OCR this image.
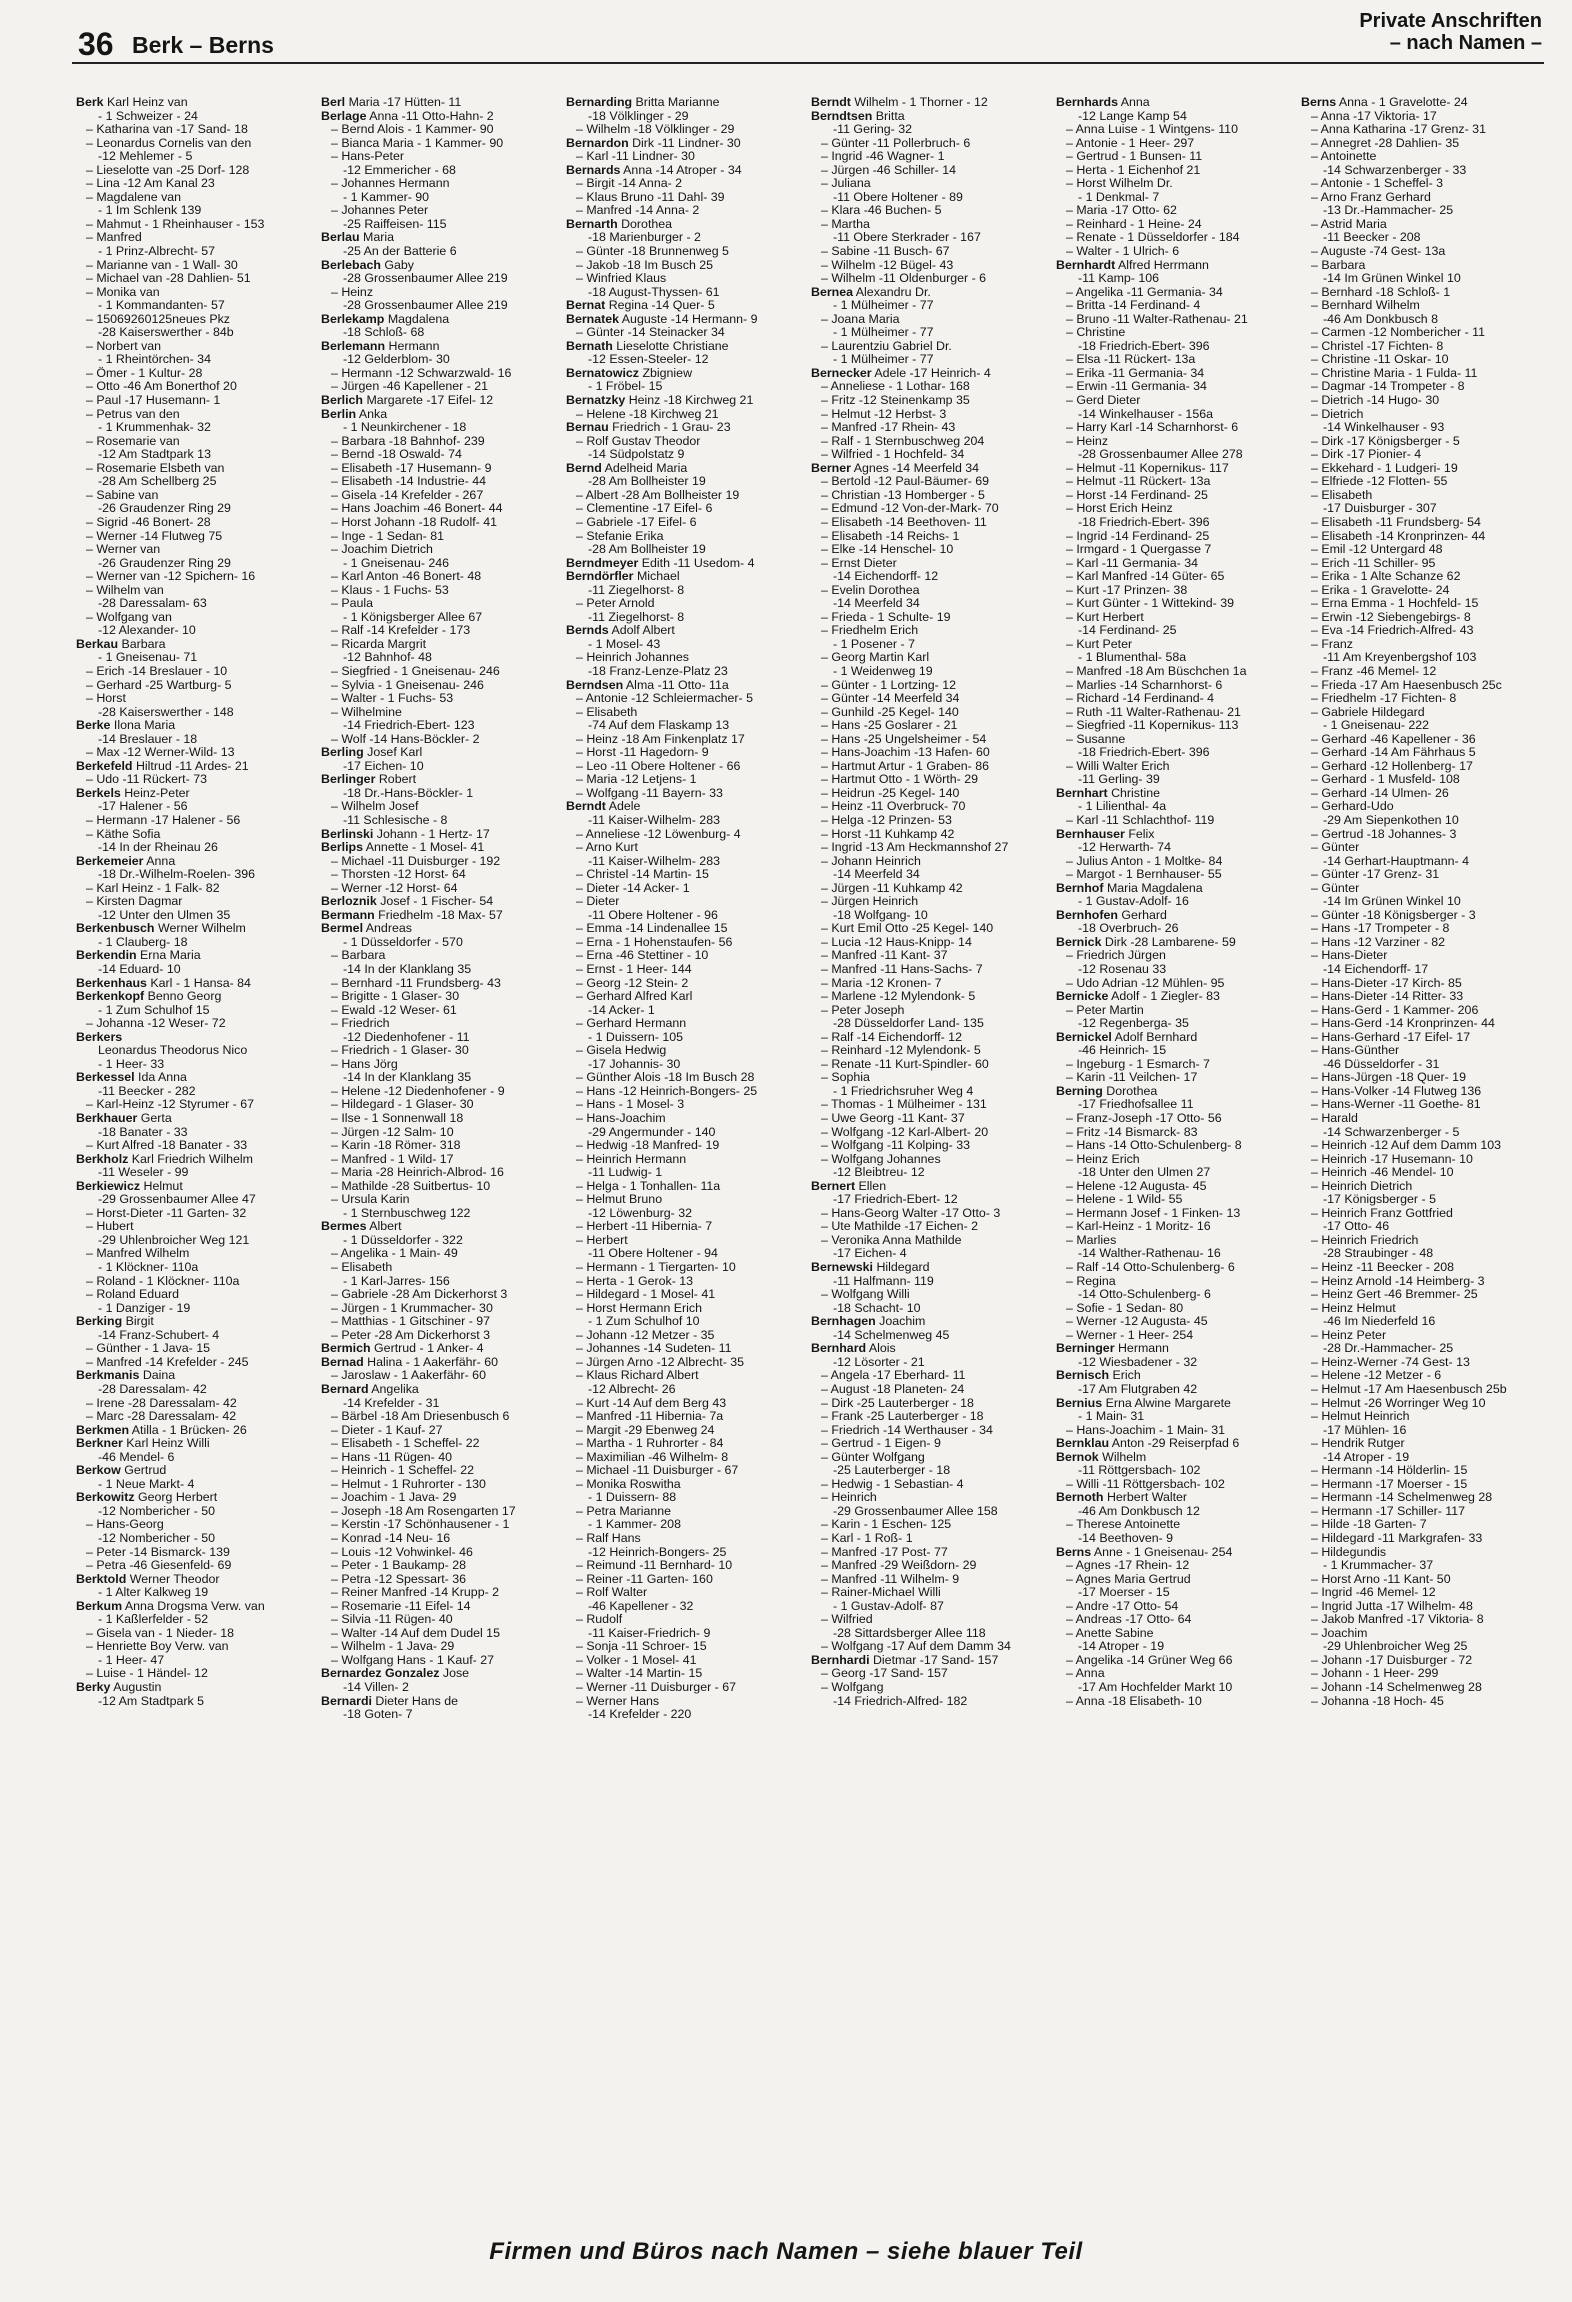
36 Berk – Berns
Private Anschriften
– nach Namen –
Berk Karl Heinz van
- 1 Schweizer - 24
– Katharina van -17 Sand- 18
– Leonardus Cornelis van den
-12 Mehlemer - 5
– Lieselotte van -25 Dorf- 128
– Lina -12 Am Kanal 23
– Magdalene van
- 1 Im Schlenk 139
– Mahmut - 1 Rheinhauser - 153
– Manfred
- 1 Prinz-Albrecht- 57
– Marianne van - 1 Wall- 30
– Michael van -28 Dahlien- 51
– Monika van
- 1 Kommandanten- 57
– 15069260125neues Pkz
-28 Kaiserswerther - 84b
– Norbert van
- 1 Rheintörchen- 34
– Ömer - 1 Kultur- 28
– Otto -46 Am Bonerthof 20
– Paul -17 Husemann- 1
– Petrus van den
- 1 Krummenhak- 32
– Rosemarie van
-12 Am Stadtpark 13
– Rosemarie Elsbeth van
-28 Am Schellberg 25
– Sabine van
-26 Graudenzer Ring 29
– Sigrid -46 Bonert- 28
– Werner -14 Flutweg 75
– Werner van
-26 Graudenzer Ring 29
– Werner van -12 Spichern- 16
– Wilhelm van
-28 Daressalam- 63
– Wolfgang van
-12 Alexander- 10
Berkau Barbara
- 1 Gneisenau- 71
– Erich -14 Breslauer - 10
– Gerhard -25 Wartburg- 5
– Horst
-28 Kaiserswerther - 148
Berke Ilona Maria
-14 Breslauer - 18
– Max -12 Werner-Wild- 13
Berkefeld Hiltrud -11 Ardes- 21
– Udo -11 Rückert- 73
Berkels Heinz-Peter
-17 Halener - 56
– Hermann -17 Halener - 56
– Käthe Sofia
-14 In der Rheinau 26
Berkemeier Anna
-18 Dr.-Wilhelm-Roelen- 396
– Karl Heinz - 1 Falk- 82
– Kirsten Dagmar
-12 Unter den Ulmen 35
Berkenbusch Werner Wilhelm
- 1 Clauberg- 18
Berkendin Erna Maria
-14 Eduard- 10
Berkenhaus Karl - 1 Hansa- 84
Berkenkopf Benno Georg
- 1 Zum Schulhof 15
– Johanna -12 Weser- 72
Berkers
Leonardus Theodorus Nico
- 1 Heer- 33
Berkessel Ida Anna
-11 Beecker - 282
– Karl-Heinz -12 Styrumer - 67
Berkhauer Gerta
-18 Banater - 33
– Kurt Alfred -18 Banater - 33
Berkholz Karl Friedrich Wilhelm
-11 Weseler - 99
Berkiewicz Helmut
-29 Grossenbaumer Allee 47
– Horst-Dieter -11 Garten- 32
– Hubert
-29 Uhlenbroicher Weg 121
– Manfred Wilhelm
- 1 Klöckner- 110a
– Roland - 1 Klöckner- 110a
– Roland Eduard
- 1 Danziger - 19
Berking Birgit
-14 Franz-Schubert- 4
– Günther - 1 Java- 15
– Manfred -14 Krefelder - 245
Berkmanis Daina
-28 Daressalam- 42
– Irene -28 Daressalam- 42
– Marc -28 Daressalam- 42
Berkmen Atilla - 1 Brücken- 26
Berkner Karl Heinz Willi
-46 Mendel- 6
Berkow Gertrud
- 1 Neue Markt- 4
Berkowitz Georg Herbert
-12 Nombericher - 50
– Hans-Georg
-12 Nombericher - 50
– Peter -14 Bismarck- 139
– Petra -46 Giesenfeld- 69
Berktold Werner Theodor
- 1 Alter Kalkweg 19
Berkum Anna Drogsma Verw. van
- 1 Kaßlerfelder - 52
– Gisela van - 1 Nieder- 18
– Henriette Boy Verw. van
- 1 Heer- 47
– Luise - 1 Händel- 12
Berky Augustin
-12 Am Stadtpark 5
Berl Maria -17 Hütten- 11
Berlage Anna -11 Otto-Hahn- 2
– Bernd Alois - 1 Kammer- 90
– Bianca Maria - 1 Kammer- 90
– Hans-Peter
-12 Emmericher - 68
– Johannes Hermann
- 1 Kammer- 90
– Johannes Peter
-25 Raiffeisen- 115
Berlau Maria
-25 An der Batterie 6
Berlebach Gaby
-28 Grossenbaumer Allee 219
– Heinz
-28 Grossenbaumer Allee 219
Berlekamp Magdalena
-18 Schloß- 68
Berlemann Hermann
-12 Gelderblom- 30
– Hermann -12 Schwarzwald- 16
– Jürgen -46 Kapellener - 21
Berlich Margarete -17 Eifel- 12
Berlin Anka
- 1 Neunkirchener - 18
– Barbara -18 Bahnhof- 239
– Bernd -18 Oswald- 74
– Elisabeth -17 Husemann- 9
– Elisabeth -14 Industrie- 44
– Gisela -14 Krefelder - 267
– Hans Joachim -46 Bonert- 44
– Horst Johann -18 Rudolf- 41
– Inge - 1 Sedan- 81
– Joachim Dietrich
- 1 Gneisenau- 246
– Karl Anton -46 Bonert- 48
– Klaus - 1 Fuchs- 53
– Paula
- 1 Königsberger Allee 67
– Ralf -14 Krefelder - 173
– Ricarda Margrit
-12 Bahnhof- 48
– Siegfried - 1 Gneisenau- 246
– Sylvia - 1 Gneisenau- 246
– Walter - 1 Fuchs- 53
– Wilhelmine
-14 Friedrich-Ebert- 123
– Wolf -14 Hans-Böckler- 2
Berling Josef Karl
-17 Eichen- 10
Berlinger Robert
-18 Dr.-Hans-Böckler- 1
– Wilhelm Josef
-11 Schlesische - 8
Berlinski Johann - 1 Hertz- 17
Berlips Annette - 1 Mosel- 41
– Michael -11 Duisburger - 192
– Thorsten -12 Horst- 64
– Werner -12 Horst- 64
Berloznik Josef - 1 Fischer- 54
Bermann Friedhelm -18 Max- 57
Bermel Andreas
- 1 Düsseldorfer - 570
– Barbara
-14 In der Klanklang 35
– Bernhard -11 Frundsberg- 43
– Brigitte - 1 Glaser- 30
– Ewald -12 Weser- 61
– Friedrich
-12 Diedenhofener - 11
– Friedrich - 1 Glaser- 30
– Hans Jörg
-14 In der Klanklang 35
– Helene -12 Diedenhofener - 9
– Hildegard - 1 Glaser- 30
– Ilse - 1 Sonnenwall 18
– Jürgen -12 Salm- 10
– Karin -18 Römer- 318
– Manfred - 1 Wild- 17
– Maria -28 Heinrich-Albrod- 16
– Mathilde -28 Suitbertus- 10
– Ursula Karin
- 1 Sternbuschweg 122
Bermes Albert
- 1 Düsseldorfer - 322
– Angelika - 1 Main- 49
– Elisabeth
- 1 Karl-Jarres- 156
– Gabriele -28 Am Dickerhorst 3
– Jürgen - 1 Krummacher- 30
– Matthias - 1 Gitschiner - 97
– Peter -28 Am Dickerhorst 3
Bermich Gertrud - 1 Anker- 4
Bernad Halina - 1 Aakerfähr- 60
– Jaroslaw - 1 Aakerfähr- 60
Bernard Angelika
-14 Krefelder - 31
– Bärbel -18 Am Driesenbusch 6
– Dieter - 1 Kauf- 27
– Elisabeth - 1 Scheffel- 22
– Hans -11 Rügen- 40
– Heinrich - 1 Scheffel- 22
– Helmut - 1 Ruhrorter - 130
– Joachim - 1 Java- 29
– Joseph -18 Am Rosengarten 17
– Kerstin -17 Schönhausener - 1
– Konrad -14 Neu- 16
– Louis -12 Vohwinkel- 46
– Peter - 1 Baukamp- 28
– Petra -12 Spessart- 36
– Reiner Manfred -14 Krupp- 2
– Rosemarie -11 Eifel- 14
– Silvia -11 Rügen- 40
– Walter -14 Auf dem Dudel 15
– Wilhelm - 1 Java- 29
– Wolfgang Hans - 1 Kauf- 27
Bernardez Gonzalez Jose
-14 Villen- 2
Bernardi Dieter Hans de
-18 Goten- 7
Bernarding Britta Marianne
-18 Völklinger - 29
– Wilhelm -18 Völklinger - 29
Bernardon Dirk -11 Lindner- 30
– Karl -11 Lindner- 30
Bernards Anna -14 Atroper - 34
– Birgit -14 Anna- 2
– Klaus Bruno -11 Dahl- 39
– Manfred -14 Anna- 2
Bernarth Dorothea
-18 Marienburger - 2
– Günter -18 Brunnenweg 5
– Jakob -18 Im Busch 25
– Winfried Klaus
-18 August-Thyssen- 61
Bernat Regina -14 Quer- 5
Bernatek Auguste -14 Hermann- 9
– Günter -14 Steinacker 34
Bernath Lieselotte Christiane
-12 Essen-Steeler- 12
Bernatowicz Zbigniew
- 1 Fröbel- 15
Bernatzky Heinz -18 Kirchweg 21
– Helene -18 Kirchweg 21
Bernau Friedrich - 1 Grau- 23
– Rolf Gustav Theodor
-14 Südpolstatz 9
Bernd Adelheid Maria
-28 Am Bollheister 19
– Albert -28 Am Bollheister 19
– Clementine -17 Eifel- 6
– Gabriele -17 Eifel- 6
– Stefanie Erika
-28 Am Bollheister 19
Berndmeyer Edith -11 Usedom- 4
Berndörfler Michael
-11 Ziegelhorst- 8
– Peter Arnold
-11 Ziegelhorst- 8
Bernds Adolf Albert
- 1 Mosel- 43
– Heinrich Johannes
-18 Franz-Lenze-Platz 23
Berndsen Alma -11 Otto- 11a
– Antonie -12 Schleiermacher- 5
– Elisabeth
-74 Auf dem Flaskamp 13
– Heinz -18 Am Finkenplatz 17
– Horst -11 Hagedorn- 9
– Leo -11 Obere Holtener - 66
– Maria -12 Letjens- 1
– Wolfgang -11 Bayern- 33
Berndt Adele
-11 Kaiser-Wilhelm- 283
– Anneliese -12 Löwenburg- 4
– Arno Kurt
-11 Kaiser-Wilhelm- 283
– Christel -14 Martin- 15
– Dieter -14 Acker- 1
– Dieter
-11 Obere Holtener - 96
– Emma -14 Lindenallee 15
– Erna - 1 Hohenstaufen- 56
– Erna -46 Stettiner - 10
– Ernst - 1 Heer- 144
– Georg -12 Stein- 2
– Gerhard Alfred Karl
-14 Acker- 1
– Gerhard Hermann
- 1 Duissern- 105
– Gisela Hedwig
-17 Johannis- 30
– Günther Alois -18 Im Busch 28
– Hans -12 Heinrich-Bongers- 25
– Hans - 1 Mosel- 3
– Hans-Joachim
-29 Angermunder - 140
– Hedwig -18 Manfred- 19
– Heinrich Hermann
-11 Ludwig- 1
– Helga - 1 Tonhallen- 11a
– Helmut Bruno
-12 Löwenburg- 32
– Herbert -11 Hibernia- 7
– Herbert
-11 Obere Holtener - 94
– Hermann - 1 Tiergarten- 10
– Herta - 1 Gerok- 13
– Hildegard - 1 Mosel- 41
– Horst Hermann Erich
- 1 Zum Schulhof 10
– Johann -12 Metzer - 35
– Johannes -14 Sudeten- 11
– Jürgen Arno -12 Albrecht- 35
– Klaus Richard Albert
-12 Albrecht- 26
– Kurt -14 Auf dem Berg 43
– Manfred -11 Hibernia- 7a
– Margit -29 Ebenweg 24
– Martha - 1 Ruhrorter - 84
– Maximilian -46 Wilhelm- 8
– Michael -11 Duisburger - 67
– Monika Roswitha
- 1 Duissern- 88
– Petra Marianne
- 1 Kammer- 208
– Ralf Hans
-12 Heinrich-Bongers- 25
– Reimund -11 Bernhard- 10
– Reiner -11 Garten- 160
– Rolf Walter
-46 Kapellener - 32
– Rudolf
-11 Kaiser-Friedrich- 9
– Sonja -11 Schroer- 15
– Volker - 1 Mosel- 41
– Walter -14 Martin- 15
– Werner -11 Duisburger - 67
– Werner Hans
-14 Krefelder - 220
Berndt Wilhelm - 1 Thorner - 12
Berndtsen Britta
-11 Gering- 32
– Günter -11 Pollerbruch- 6
– Ingrid -46 Wagner- 1
– Jürgen -46 Schiller- 14
– Juliana
-11 Obere Holtener - 89
– Klara -46 Buchen- 5
– Martha
-11 Obere Sterkrader - 167
– Sabine -11 Busch- 67
– Wilhelm -12 Bügel- 43
– Wilhelm -11 Oldenburger - 6
Bernea Alexandru Dr.
- 1 Mülheimer - 77
– Joana Maria
- 1 Mülheimer - 77
– Laurentziu Gabriel Dr.
- 1 Mülheimer - 77
Bernecker Adele -17 Heinrich- 4
– Anneliese - 1 Lothar- 168
– Fritz -12 Steinenkamp 35
– Helmut -12 Herbst- 3
– Manfred -17 Rhein- 43
– Ralf - 1 Sternbuschweg 204
– Wilfried - 1 Hochfeld- 34
Berner Agnes -14 Meerfeld 34
– Bertold -12 Paul-Bäumer- 69
– Christian -13 Homberger - 5
– Edmund -12 Von-der-Mark- 70
– Elisabeth -14 Beethoven- 11
– Elisabeth -14 Reichs- 1
– Elke -14 Henschel- 10
– Ernst Dieter
-14 Eichendorff- 12
– Evelin Dorothea
-14 Meerfeld 34
– Frieda - 1 Schulte- 19
– Friedhelm Erich
- 1 Posener - 7
– Georg Martin Karl
- 1 Weidenweg 19
– Günter - 1 Lortzing- 12
– Günter -14 Meerfeld 34
– Gunhild -25 Kegel- 140
– Hans -25 Goslarer - 21
– Hans -25 Ungelsheimer - 54
– Hans-Joachim -13 Hafen- 60
– Hartmut Artur - 1 Graben- 86
– Hartmut Otto - 1 Wörth- 29
– Heidrun -25 Kegel- 140
– Heinz -11 Overbruck- 70
– Helga -12 Prinzen- 53
– Horst -11 Kuhkamp 42
– Ingrid -13 Am Heckmannshof 27
– Johann Heinrich
-14 Meerfeld 34
– Jürgen -11 Kuhkamp 42
– Jürgen Heinrich
-18 Wolfgang- 10
– Kurt Emil Otto -25 Kegel- 140
– Lucia -12 Haus-Knipp- 14
– Manfred -11 Kant- 37
– Manfred -11 Hans-Sachs- 7
– Maria -12 Kronen- 7
– Marlene -12 Mylendonk- 5
– Peter Joseph
-28 Düsseldorfer Land- 135
– Ralf -14 Eichendorff- 12
– Reinhard -12 Mylendonk- 5
– Renate -11 Kurt-Spindler- 60
– Sophia
- 1 Friedrichsruher Weg 4
– Thomas - 1 Mülheimer - 131
– Uwe Georg -11 Kant- 37
– Wolfgang -12 Karl-Albert- 20
– Wolfgang -11 Kolping- 33
– Wolfgang Johannes
-12 Bleibtreu- 12
Bernert Ellen
-17 Friedrich-Ebert- 12
– Hans-Georg Walter -17 Otto- 3
– Ute Mathilde -17 Eichen- 2
– Veronika Anna Mathilde
-17 Eichen- 4
Bernewski Hildegard
-11 Halfmann- 119
– Wolfgang Willi
-18 Schacht- 10
Bernhagen Joachim
-14 Schelmenweg 45
Bernhard Alois
-12 Lösorter - 21
– Angela -17 Eberhard- 11
– August -18 Planeten- 24
– Dirk -25 Lauterberger - 18
– Frank -25 Lauterberger - 18
– Friedrich -14 Werthauser - 34
– Gertrud - 1 Eigen- 9
– Günter Wolfgang
-25 Lauterberger - 18
– Hedwig - 1 Sebastian- 4
– Heinrich
-29 Grossenbaumer Allee 158
– Karin - 1 Eschen- 125
– Karl - 1 Roß- 1
– Manfred -17 Post- 77
– Manfred -29 Weißdorn- 29
– Manfred -11 Wilhelm- 9
– Rainer-Michael Willi
- 1 Gustav-Adolf- 87
– Wilfried
-28 Sittardsberger Allee 118
– Wolfgang -17 Auf dem Damm 34
Bernhardi Dietmar -17 Sand- 157
– Georg -17 Sand- 157
– Wolfgang
-14 Friedrich-Alfred- 182
Bernhards Anna
-12 Lange Kamp 54
– Anna Luise - 1 Wintgens- 110
– Antonie - 1 Heer- 297
– Gertrud - 1 Bunsen- 11
– Herta - 1 Eichenhof 21
– Horst Wilhelm Dr.
- 1 Denkmal- 7
– Maria -17 Otto- 62
– Reinhard - 1 Heine- 24
– Renate - 1 Düsseldorfer - 184
– Walter - 1 Ulrich- 6
Bernhardt Alfred Herrmann
-11 Kamp- 106
– Angelika -11 Germania- 34
– Britta -14 Ferdinand- 4
– Bruno -11 Walter-Rathenau- 21
– Christine
-18 Friedrich-Ebert- 396
– Elsa -11 Rückert- 13a
– Erika -11 Germania- 34
– Erwin -11 Germania- 34
– Gerd Dieter
-14 Winkelhauser - 156a
– Harry Karl -14 Scharnhorst- 6
– Heinz
-28 Grossenbaumer Allee 278
– Helmut -11 Kopernikus- 117
– Helmut -11 Rückert- 13a
– Horst -14 Ferdinand- 25
– Horst Erich Heinz
-18 Friedrich-Ebert- 396
– Ingrid -14 Ferdinand- 25
– Irmgard - 1 Quergasse 7
– Karl -11 Germania- 34
– Karl Manfred -14 Güter- 65
– Kurt -17 Prinzen- 38
– Kurt Günter - 1 Wittekind- 39
– Kurt Herbert
-14 Ferdinand- 25
– Kurt Peter
- 1 Blumenthal- 58a
– Manfred -18 Am Büschchen 1a
– Marlies -14 Scharnhorst- 6
– Richard -14 Ferdinand- 4
– Ruth -11 Walter-Rathenau- 21
– Siegfried -11 Kopernikus- 113
– Susanne
-18 Friedrich-Ebert- 396
– Willi Walter Erich
-11 Gerling- 39
Bernhart Christine
- 1 Lilienthal- 4a
– Karl -11 Schlachthof- 119
Bernhauser Felix
-12 Herwarth- 74
– Julius Anton - 1 Moltke- 84
– Margot - 1 Bernhauser- 55
Bernhof Maria Magdalena
- 1 Gustav-Adolf- 16
Bernhofen Gerhard
-18 Overbruch- 26
Bernick Dirk -28 Lambarene- 59
– Friedrich Jürgen
-12 Rosenau 33
– Udo Adrian -12 Mühlen- 95
Bernicke Adolf - 1 Ziegler- 83
– Peter Martin
-12 Regenberga- 35
Bernickel Adolf Bernhard
-46 Heinrich- 15
– Ingeburg - 1 Esmarch- 7
– Karin -11 Veilchen- 17
Berning Dorothea
-17 Friedhofsallee 11
– Franz-Joseph -17 Otto- 56
– Fritz -14 Bismarck- 83
– Hans -14 Otto-Schulenberg- 8
– Heinz Erich
-18 Unter den Ulmen 27
– Helene -12 Augusta- 45
– Helene - 1 Wild- 55
– Hermann Josef - 1 Finken- 13
– Karl-Heinz - 1 Moritz- 16
– Marlies
-14 Walther-Rathenau- 16
– Ralf -14 Otto-Schulenberg- 6
– Regina
-14 Otto-Schulenberg- 6
– Sofie - 1 Sedan- 80
– Werner -12 Augusta- 45
– Werner - 1 Heer- 254
Berninger Hermann
-12 Wiesbadener - 32
Bernisch Erich
-17 Am Flutgraben 42
Bernius Erna Alwine Margarete
- 1 Main- 31
– Hans-Joachim - 1 Main- 31
Bernklau Anton -29 Reiserpfad 6
Bernok Wilhelm
-11 Röttgersbach- 102
– Willi -11 Röttgersbach- 102
Bernoth Herbert Walter
-46 Am Donkbusch 12
– Therese Antoinette
-14 Beethoven- 9
Berns Anne - 1 Gneisenau- 254
– Agnes -17 Rhein- 12
– Agnes Maria Gertrud
-17 Moerser - 15
– Andre -17 Otto- 54
– Andreas -17 Otto- 64
– Anette Sabine
-14 Atroper - 19
– Angelika -14 Grüner Weg 66
– Anna
-17 Am Hochfelder Markt 10
– Anna -18 Elisabeth- 10
Berns Anna - 1 Gravelotte- 24
– Anna -17 Viktoria- 17
– Anna Katharina -17 Grenz- 31
– Annegret -28 Dahlien- 35
– Antoinette
-14 Schwarzenberger - 33
– Antonie - 1 Scheffel- 3
– Arno Franz Gerhard
-13 Dr.-Hammacher- 25
– Astrid Maria
-11 Beecker - 208
– Auguste -74 Gest- 13a
– Barbara
-14 Im Grünen Winkel 10
– Bernhard -18 Schloß- 1
– Bernhard Wilhelm
-46 Am Donkbusch 8
– Carmen -12 Nombericher - 11
– Christel -17 Fichten- 8
– Christine -11 Oskar- 10
– Christine Maria - 1 Fulda- 11
– Dagmar -14 Trompeter - 8
– Dietrich -14 Hugo- 30
– Dietrich
-14 Winkelhauser - 93
– Dirk -17 Königsberger - 5
– Dirk -17 Pionier- 4
– Ekkehard - 1 Ludgeri- 19
– Elfriede -12 Flotten- 55
– Elisabeth
-17 Duisburger - 307
– Elisabeth -11 Frundsberg- 54
– Elisabeth -14 Kronprinzen- 44
– Emil -12 Untergard 48
– Erich -11 Schiller- 95
– Erika - 1 Alte Schanze 62
– Erika - 1 Gravelotte- 24
– Erna Emma - 1 Hochfeld- 15
– Erwin -12 Siebengebirgs- 8
– Eva -14 Friedrich-Alfred- 43
– Franz
-11 Am Kreyenbergshof 103
– Franz -46 Memel- 12
– Frieda -17 Am Haesenbusch 25c
– Friedhelm -17 Fichten- 8
– Gabriele Hildegard
- 1 Gneisenau- 222
– Gerhard -46 Kapellener - 36
– Gerhard -14 Am Fährhaus 5
– Gerhard -12 Hollenberg- 17
– Gerhard - 1 Musfeld- 108
– Gerhard -14 Ulmen- 26
– Gerhard-Udo
-29 Am Siepenkothen 10
– Gertrud -18 Johannes- 3
– Günter
-14 Gerhart-Hauptmann- 4
– Günter -17 Grenz- 31
– Günter
-14 Im Grünen Winkel 10
– Günter -18 Königsberger - 3
– Hans -17 Trompeter - 8
– Hans -12 Varziner - 82
– Hans-Dieter
-14 Eichendorff- 17
– Hans-Dieter -17 Kirch- 85
– Hans-Dieter -14 Ritter- 33
– Hans-Gerd - 1 Kammer- 206
– Hans-Gerd -14 Kronprinzen- 44
– Hans-Gerhard -17 Eifel- 17
– Hans-Günther
-46 Düsseldorfer - 31
– Hans-Jürgen -18 Quer- 19
– Hans-Volker -14 Flutweg 136
– Hans-Werner -11 Goethe- 81
– Harald
-14 Schwarzenberger - 5
– Heinrich -12 Auf dem Damm 103
– Heinrich -17 Husemann- 10
– Heinrich -46 Mendel- 10
– Heinrich Dietrich
-17 Königsberger - 5
– Heinrich Franz Gottfried
-17 Otto- 46
– Heinrich Friedrich
-28 Straubinger - 48
– Heinz -11 Beecker - 208
– Heinz Arnold -14 Heimberg- 3
– Heinz Gert -46 Bremmer- 25
– Heinz Helmut
-46 Im Niederfeld 16
– Heinz Peter
-28 Dr.-Hammacher- 25
– Heinz-Werner -74 Gest- 13
– Helene -12 Metzer - 6
– Helmut -17 Am Haesenbusch 25b
– Helmut -26 Worringer Weg 10
– Helmut Heinrich
-17 Mühlen- 16
– Hendrik Rutger
-14 Atroper - 19
– Hermann -14 Hölderlin- 15
– Hermann -17 Moerser - 15
– Hermann -14 Schelmenweg 28
– Hermann -17 Schiller- 117
– Hilde -18 Garten- 7
– Hildegard -11 Markgrafen- 33
– Hildegundis
- 1 Krummacher- 37
– Horst Arno -11 Kant- 50
– Ingrid -46 Memel- 12
– Ingrid Jutta -17 Wilhelm- 48
– Jakob Manfred -17 Viktoria- 8
– Joachim
-29 Uhlenbroicher Weg 25
– Johann -17 Duisburger - 72
– Johann - 1 Heer- 299
– Johann -14 Schelmenweg 28
– Johanna -18 Hoch- 45
Firmen und Büros nach Namen – siehe blauer Teil
